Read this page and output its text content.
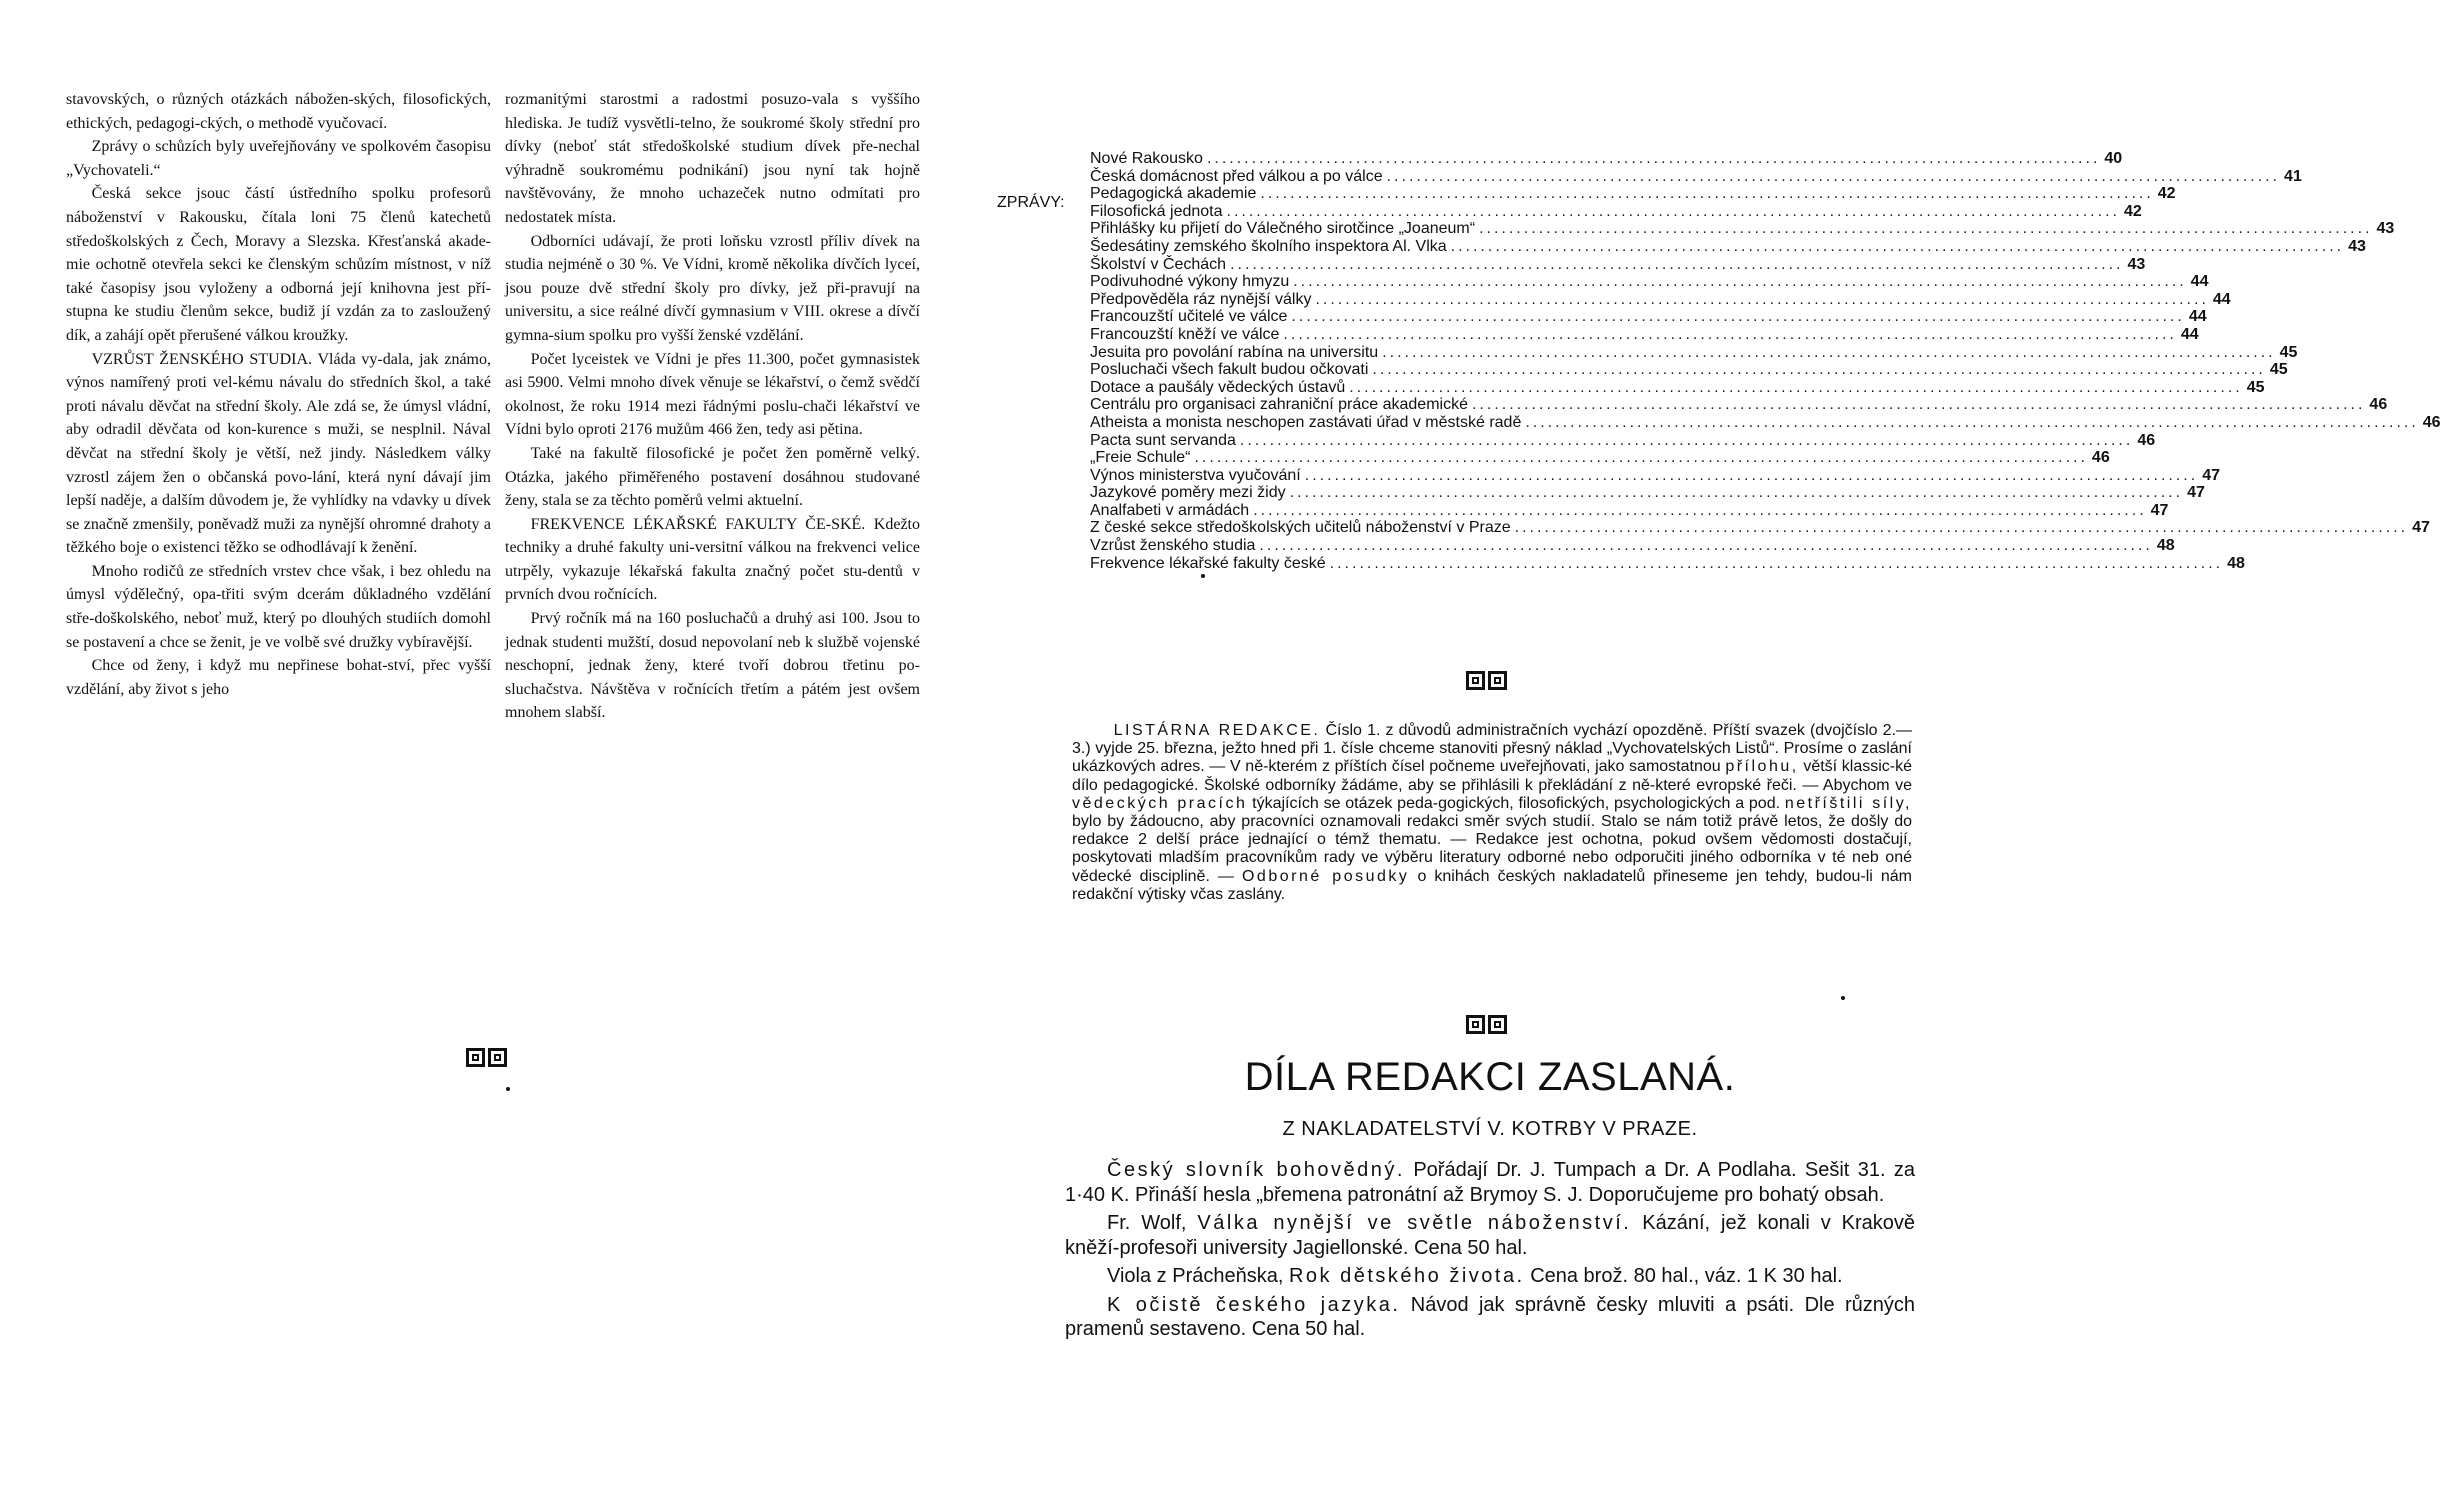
stavovských, o různých otázkách nábožen-ských, filosofických, ethických, pedagogi-ckých, o methodě vyučovací.

Zprávy o schůzích byly uveřejňovány ve spolkovém časopisu „Vychovateli.“

Česká sekce jsouc částí ústředního spolku profesorů náboženství v Rakousku, čítala loni 75 členů katechetů středoškolských z Čech, Moravy a Slezska. Křesťanská akade-mie ochotně otevřela sekci ke členským schůzím místnost, v níž také časopisy jsou vyloženy a odborná její knihovna jest pří-stupna ke studiu členům sekce, budiž jí vzdán za to zasloužený dík, a zahájí opět přerušené válkou kroužky.

VZRŮST ŽENSKÉHO STUDIA. Vláda vy-dala, jak známo, výnos namířený proti vel-kému návalu do středních škol, a také proti návalu děvčat na střední školy. Ale zdá se, že úmysl vládní, aby odradil děvčata od kon-kurence s muži, se nesplnil. Nával děvčat na střední školy je větší, než jindy. Následkem války vzrostl zájem žen o občanská povo-lání, která nyní dávají jim lepší naděje, a dalším důvodem je, že vyhlídky na vdavky u dívek se značně zmenšily, poněvadž muži za nynější ohromné drahoty a těžkého boje o existenci těžko se odhodlávají k ženění.

Mnoho rodičů ze středních vrstev chce však, i bez ohledu na úmysl výdělečný, opa-třiti svým dcerám důkladného vzdělání stře-doškolského, neboť muž, který po dlouhých studiích domohl se postavení a chce se ženit, je ve volbě své družky vybíravější.

Chce od ženy, i když mu nepřinese bohat-ství, přec vyšší vzdělání, aby život s jeho

rozmanitými starostmi a radostmi posuzo-vala s vyššího hlediska. Je tudíž vysvětli-telno, že soukromé školy střední pro dívky (neboť stát středoškolské studium dívek pře-nechal výhradně soukromému podnikání) jsou nyní tak hojně navštěvovány, že mnoho uchazeček nutno odmítati pro nedostatek místa.

Odborníci udávají, že proti loňsku vzrostl příliv dívek na studia nejméně o 30 %. Ve Vídni, kromě několika dívčích lyceí, jsou pouze dvě střední školy pro dívky, jež při-pravují na universitu, a sice reálné dívčí gymnasium v VIII. okrese a dívčí gymna-sium spolku pro vyšší ženské vzdělání.

Počet lyceistek ve Vídni je přes 11.300, počet gymnasistek asi 5900. Velmi mnoho dívek věnuje se lékařství, o čemž svědčí okolnost, že roku 1914 mezi řádnými poslu-chači lékařství ve Vídni bylo oproti 2176 mužům 466 žen, tedy asi pětina.

Také na fakultě filosofické je počet žen poměrně velký. Otázka, jakého přiměřeného postavení dosáhnou studované ženy, stala se za těchto poměrů velmi aktuelní.

FREKVENCE LÉKAŘSKÉ FAKULTY ČE-SKÉ. Kdežto techniky a druhé fakulty uni-versitní válkou na frekvenci velice utrpěly, vykazuje lékařská fakulta značný počet stu-dentů v prvních dvou ročnících.

Prvý ročník má na 160 posluchačů a druhý asi 100. Jsou to jednak studenti mužští, dosud nepovolaní neb k službě vojenské neschopní, jednak ženy, které tvoří dobrou třetinu po-sluchačstva. Návštěva v ročnících třetím a pátém jest ovšem mnohem slabší.

ZPRÁVY:
Nové Rakousko ........................................................................................................................ 40
Česká domácnost před válkou a po válce ........................................................................................................................ 41
Pedagogická akademie ........................................................................................................................ 42
Filosofická jednota ........................................................................................................................ 42
Přihlášky ku přijetí do Válečného sirotčince „Joaneum“ ........................................................................................................................ 43
Šedesátiny zemského školního inspektora Al. Vlka ........................................................................................................................ 43
Školství v Čechách ........................................................................................................................ 43
Podivuhodné výkony hmyzu ........................................................................................................................ 44
Předpověděla ráz nynější války ........................................................................................................................ 44
Francouzští učitelé ve válce ........................................................................................................................ 44
Francouzští kněží ve válce ........................................................................................................................ 44
Jesuita pro povolání rabína na universitu ........................................................................................................................ 45
Posluchači všech fakult budou očkovati ........................................................................................................................ 45
Dotace a paušály vědeckých ústavů ........................................................................................................................ 45
Centrálu pro organisaci zahraniční práce akademické ........................................................................................................................ 46
Atheista a monista neschopen zastávati úřad v městské radě ........................................................................................................................ 46
Pacta sunt servanda ........................................................................................................................ 46
„Freie Schule“ ........................................................................................................................ 46
Výnos ministerstva vyučování ........................................................................................................................ 47
Jazykové poměry mezi židy ........................................................................................................................ 47
Analfabeti v armádách ........................................................................................................................ 47
Z české sekce středoškolských učitelů náboženství v Praze ........................................................................................................................ 47
Vzrůst ženského studia ........................................................................................................................ 48
Frekvence lékařské fakulty české ........................................................................................................................ 48

LISTÁRNA REDAKCE. Číslo 1. z důvodů administračních vychází opozděně. Příští svazek (dvojčíslo 2.—3.) vyjde 25. března, ježto hned při 1. čísle chceme stanoviti přesný náklad „Vychovatelských Listů“. Prosíme o zaslání ukázkových adres. — V ně-kterém z příštích čísel počneme uveřejňovati, jako samostatnou přílohu, větší klassic-ké dílo pedagogické. Školské odborníky žádáme, aby se přihlásili k překládání z ně-které evropské řeči. — Abychom ve vědeckých pracích týkajících se otázek peda-gogických, filosofických, psychologických a pod. netříštili síly, bylo by žádoucno, aby pracovníci oznamovali redakci směr svých studií. Stalo se nám totiž právě letos, že došly do redakce 2 delší práce jednající o témž thematu. — Redakce jest ochotna, pokud ovšem vědomosti dostačují, poskytovati mladším pracovníkům rady ve výběru literatury odborné nebo odporučiti jiného odborníka v té neb oné vědecké disciplině. — Odborné posudky o knihách českých nakladatelů přineseme jen tehdy, budou-li nám redakční výtisky včas zaslány.

DÍLA REDAKCI ZASLANÁ.
Z NAKLADATELSTVÍ V. KOTRBY V PRAZE.

Český slovník bohovědný. Pořádají Dr. J. Tumpach a Dr. A Podlaha. Sešit 31. za 1·40 K. Přináší hesla „břemena patronátní až Brymoy S. J. Doporučujeme pro bohatý obsah.

Fr. Wolf, Válka nynější ve světle náboženství. Kázání, jež konali v Krakově kněží-profesoři university Jagiellonské. Cena 50 hal.

Viola z Prácheňska, Rok dětského života. Cena brož. 80 hal., váz. 1 K 30 hal.

K očistě českého jazyka. Návod jak správně česky mluviti a psáti. Dle různých pramenů sestaveno. Cena 50 hal.
